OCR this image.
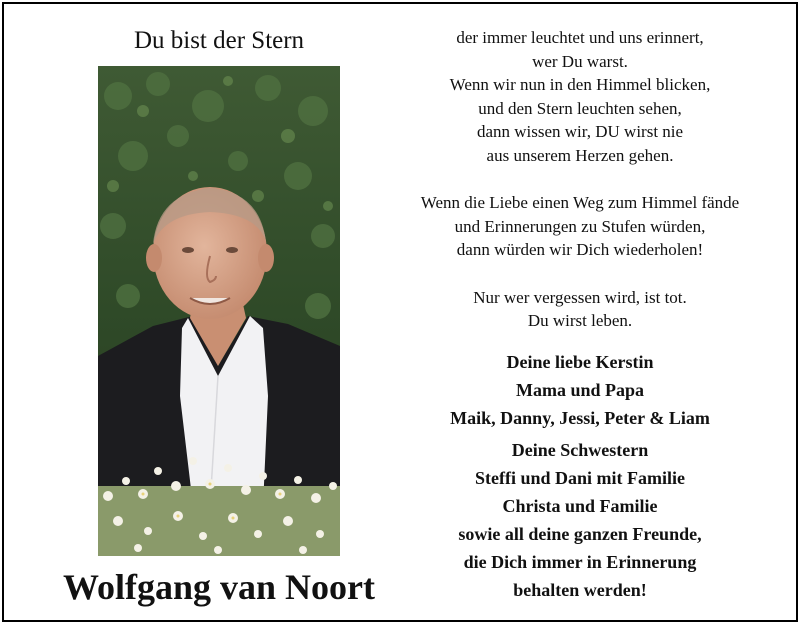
Du bist der Stern
Wolfgang van Noort

der immer leuchtet und uns erinnert,

wer Du warst.

Wenn wir nun in den Himmel blicken,

und den Stern leuchten sehen,

dann wissen wir, DU wirst nie

aus unserem Herzen gehen.

Wenn die Liebe einen Weg zum Himmel fände

und Erinnerungen zu Stufen würden,

dann würden wir Dich wiederholen!

Nur wer vergessen wird, ist tot.

Du wirst leben.

Deine liebe Kerstin

Mama und Papa

Maik, Danny, Jessi, Peter & Liam

Deine Schwestern

Steffi und Dani mit Familie

Christa und Familie

sowie all deine ganzen Freunde,

die Dich immer in Erinnerung

behalten werden!
